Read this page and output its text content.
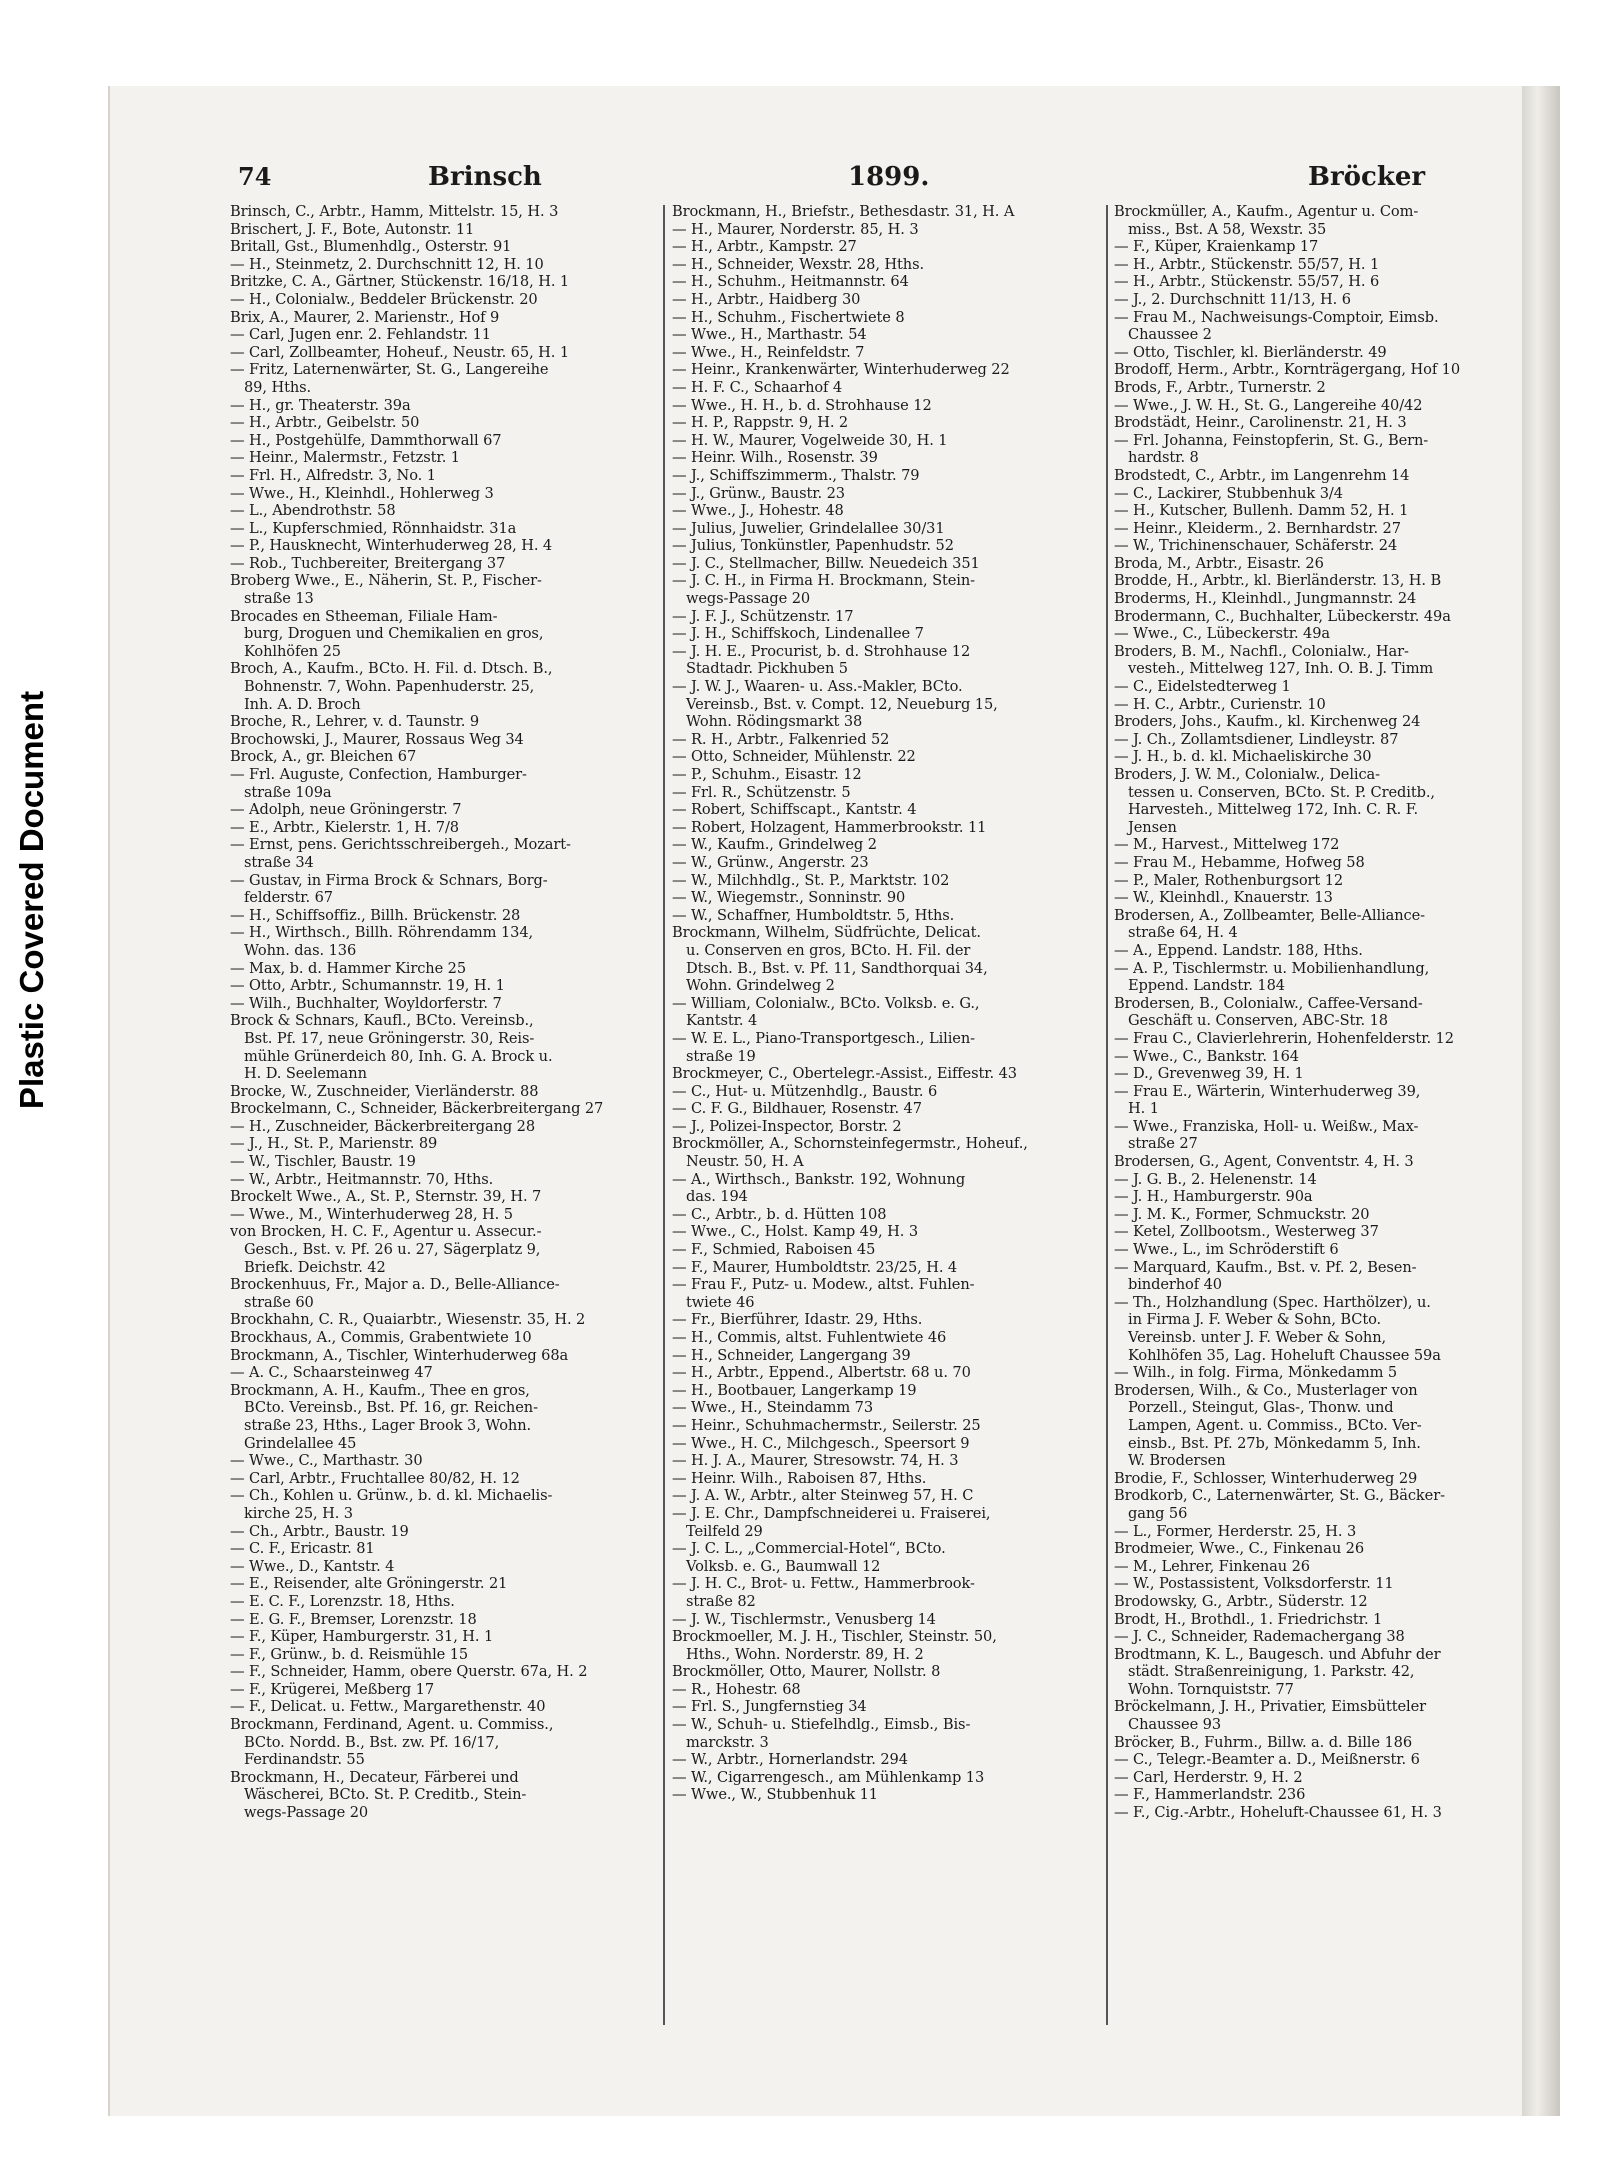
Plastic Covered Document
74	Brinsch	1899.	Bröcker
Brinsch, C., Arbtr., Hamm, Mittelstr. 15, H. 3
Brischert, J. F., Bote, Autonstr. 11
Britall, Gst., Blumenhdlg., Osterstr. 91
— H., Steinmetz, 2. Durchschnitt 12, H. 10
Britzke, C. A., Gärtner, Stückenstr. 16/18, H. 1
— H., Colonialw., Beddeler Brückenstr. 20
Brix, A., Maurer, 2. Marienstr., Hof 9
— Carl, Jugen enr. 2. Fehlandstr. 11
— Carl, Zollbeamter, Hoheuf., Neustr. 65, H. 1
— Fritz, Laternenwärter, St. G., Langereihe
89, Hths.
— H., gr. Theaterstr. 39a
— H., Arbtr., Geibelstr. 50
— H., Postgehülfe, Dammthorwall 67
— Heinr., Malermstr., Fetzstr. 1
— Frl. H., Alfredstr. 3, No. 1
— Wwe., H., Kleinhdl., Hohlerweg 3
— L., Abendrothstr. 58
— L., Kupferschmied, Rönnhaidstr. 31a
— P., Hausknecht, Winterhuderweg 28, H. 4
— Rob., Tuchbereiter, Breitergang 37
Broberg Wwe., E., Näherin, St. P., Fischer-
straße 13
Brocades en Stheeman, Filiale Ham-
burg, Droguen und Chemikalien en gros,
Kohlhöfen 25
Broch, A., Kaufm., BCto. H. Fil. d. Dtsch. B.,
Bohnenstr. 7, Wohn. Papenhuderstr. 25,
Inh. A. D. Broch
Broche, R., Lehrer, v. d. Taunstr. 9
Brochowski, J., Maurer, Rossaus Weg 34
Brock, A., gr. Bleichen 67
— Frl. Auguste, Confection, Hamburger-
straße 109a
— Adolph, neue Gröningerstr. 7
— E., Arbtr., Kielerstr. 1, H. 7/8
— Ernst, pens. Gerichtsschreibergeh., Mozart-
straße 34
— Gustav, in Firma Brock & Schnars, Borg-
felderstr. 67
— H., Schiffsoffiz., Billh. Brückenstr. 28
— H., Wirthsch., Billh. Röhrendamm 134,
Wohn. das. 136
— Max, b. d. Hammer Kirche 25
— Otto, Arbtr., Schumannstr. 19, H. 1
— Wilh., Buchhalter, Woyldorferstr. 7
Brock & Schnars, Kaufl., BCto. Vereinsb.,
Bst. Pf. 17, neue Gröningerstr. 30, Reis-
mühle Grünerdeich 80, Inh. G. A. Brock u.
H. D. Seelemann
Brocke, W., Zuschneider, Vierländerstr. 88
Brockelmann, C., Schneider, Bäckerbreitergang 27
— H., Zuschneider, Bäckerbreitergang 28
— J., H., St. P., Marienstr. 89
— W., Tischler, Baustr. 19
— W., Arbtr., Heitmannstr. 70, Hths.
Brockelt Wwe., A., St. P., Sternstr. 39, H. 7
— Wwe., M., Winterhuderweg 28, H. 5
von Brocken, H. C. F., Agentur u. Assecur.-
Gesch., Bst. v. Pf. 26 u. 27, Sägerplatz 9,
Briefk. Deichstr. 42
Brockenhuus, Fr., Major a. D., Belle-Alliance-
straße 60
Brockhahn, C. R., Quaiarbtr., Wiesenstr. 35, H. 2
Brockhaus, A., Commis, Grabentwiete 10
Brockmann, A., Tischler, Winterhuderweg 68a
— A. C., Schaarsteinweg 47
Brockmann, A. H., Kaufm., Thee en gros,
BCto. Vereinsb., Bst. Pf. 16, gr. Reichen-
straße 23, Hths., Lager Brook 3, Wohn.
Grindelallee 45
— Wwe., C., Marthastr. 30
— Carl, Arbtr., Fruchtallee 80/82, H. 12
— Ch., Kohlen u. Grünw., b. d. kl. Michaelis-
kirche 25, H. 3
— Ch., Arbtr., Baustr. 19
— C. F., Ericastr. 81
— Wwe., D., Kantstr. 4
— E., Reisender, alte Gröningerstr. 21
— E. C. F., Lorenzstr. 18, Hths.
— E. G. F., Bremser, Lorenzstr. 18
— F., Küper, Hamburgerstr. 31, H. 1
— F., Grünw., b. d. Reismühle 15
— F., Schneider, Hamm, obere Querstr. 67a, H. 2
— F., Krügerei, Meßberg 17
— F., Delicat. u. Fettw., Margarethenstr. 40
Brockmann, Ferdinand, Agent. u. Commiss.,
BCto. Nordd. B., Bst. zw. Pf. 16/17,
Ferdinandstr. 55
Brockmann, H., Decateur, Färberei und
Wäscherei, BCto. St. P. Creditb., Stein-
wegs-Passage 20
Brockmann, H., Briefstr., Bethesdastr. 31, H. A
— H., Maurer, Norderstr. 85, H. 3
— H., Arbtr., Kampstr. 27
— H., Schneider, Wexstr. 28, Hths.
— H., Schuhm., Heitmannstr. 64
— H., Arbtr., Haidberg 30
— H., Schuhm., Fischertwiete 8
— Wwe., H., Marthastr. 54
— Wwe., H., Reinfeldstr. 7
— Heinr., Krankenwärter, Winterhuderweg 22
— H. F. C., Schaarhof 4
— Wwe., H. H., b. d. Strohhause 12
— H. P., Rappstr. 9, H. 2
— H. W., Maurer, Vogelweide 30, H. 1
— Heinr. Wilh., Rosenstr. 39
— J., Schiffszimmerm., Thalstr. 79
— J., Grünw., Baustr. 23
— Wwe., J., Hohestr. 48
— Julius, Juwelier, Grindelallee 30/31
— Julius, Tonkünstler, Papenhudstr. 52
— J. C., Stellmacher, Billw. Neuedeich 351
— J. C. H., in Firma H. Brockmann, Stein-
wegs-Passage 20
— J. F. J., Schützenstr. 17
— J. H., Schiffskoch, Lindenallee 7
— J. H. E., Procurist, b. d. Strohhause 12
Stadtadr. Pickhuben 5
— J. W. J., Waaren- u. Ass.-Makler, BCto.
Vereinsb., Bst. v. Compt. 12, Neueburg 15,
Wohn. Rödingsmarkt 38
— R. H., Arbtr., Falkenried 52
— Otto, Schneider, Mühlenstr. 22
— P., Schuhm., Eisastr. 12
— Frl. R., Schützenstr. 5
— Robert, Schiffscapt., Kantstr. 4
— Robert, Holzagent, Hammerbrookstr. 11
— W., Kaufm., Grindelweg 2
— W., Grünw., Angerstr. 23
— W., Milchhdlg., St. P., Marktstr. 102
— W., Wiegemstr., Sonninstr. 90
— W., Schaffner, Humboldtstr. 5, Hths.
Brockmann, Wilhelm, Südfrüchte, Delicat.
u. Conserven en gros, BCto. H. Fil. der
Dtsch. B., Bst. v. Pf. 11, Sandthorquai 34,
Wohn. Grindelweg 2
— William, Colonialw., BCto. Volksb. e. G.,
Kantstr. 4
— W. E. L., Piano-Transportgesch., Lilien-
straße 19
Brockmeyer, C., Obertelegr.-Assist., Eiffestr. 43
— C., Hut- u. Mützenhdlg., Baustr. 6
— C. F. G., Bildhauer, Rosenstr. 47
— J., Polizei-Inspector, Borstr. 2
Brockmöller, A., Schornsteinfegermstr., Hoheuf.,
Neustr. 50, H. A
— A., Wirthsch., Bankstr. 192, Wohnung
das. 194
— C., Arbtr., b. d. Hütten 108
— Wwe., C., Holst. Kamp 49, H. 3
— F., Schmied, Raboisen 45
— F., Maurer, Humboldtstr. 23/25, H. 4
— Frau F., Putz- u. Modew., altst. Fuhlen-
twiete 46
— Fr., Bierführer, Idastr. 29, Hths.
— H., Commis, altst. Fuhlentwiete 46
— H., Schneider, Langergang 39
— H., Arbtr., Eppend., Albertstr. 68 u. 70
— H., Bootbauer, Langerkamp 19
— Wwe., H., Steindamm 73
— Heinr., Schuhmachermstr., Seilerstr. 25
— Wwe., H. C., Milchgesch., Speersort 9
— H. J. A., Maurer, Stresowstr. 74, H. 3
— Heinr. Wilh., Raboisen 87, Hths.
— J. A. W., Arbtr., alter Steinweg 57, H. C
— J. E. Chr., Dampfschneiderei u. Fraiserei,
Teilfeld 29
— J. C. L., „Commercial-Hotel“, BCto.
Volksb. e. G., Baumwall 12
— J. H. C., Brot- u. Fettw., Hammerbrook-
straße 82
— J. W., Tischlermstr., Venusberg 14
Brockmoeller, M. J. H., Tischler, Steinstr. 50,
Hths., Wohn. Norderstr. 89, H. 2
Brockmöller, Otto, Maurer, Nollstr. 8
— R., Hohestr. 68
— Frl. S., Jungfernstieg 34
— W., Schuh- u. Stiefelhdlg., Eimsb., Bis-
marckstr. 3
— W., Arbtr., Hornerlandstr. 294
— W., Cigarrengesch., am Mühlenkamp 13
— Wwe., W., Stubbenhuk 11
Brockmüller, A., Kaufm., Agentur u. Com-
miss., Bst. A 58, Wexstr. 35
— F., Küper, Kraienkamp 17
— H., Arbtr., Stückenstr. 55/57, H. 1
— H., Arbtr., Stückenstr. 55/57, H. 6
— J., 2. Durchschnitt 11/13, H. 6
— Frau M., Nachweisungs-Comptoir, Eimsb.
Chaussee 2
— Otto, Tischler, kl. Bierländerstr. 49
Brodoff, Herm., Arbtr., Kornträgergang, Hof 10
Brods, F., Arbtr., Turnerstr. 2
— Wwe., J. W. H., St. G., Langereihe 40/42
Brodstädt, Heinr., Carolinenstr. 21, H. 3
— Frl. Johanna, Feinstopferin, St. G., Bern-
hardstr. 8
Brodstedt, C., Arbtr., im Langenrehm 14
— C., Lackirer, Stubbenhuk 3/4
— H., Kutscher, Bullenh. Damm 52, H. 1
— Heinr., Kleiderm., 2. Bernhardstr. 27
— W., Trichinenschauer, Schäferstr. 24
Broda, M., Arbtr., Eisastr. 26
Brodde, H., Arbtr., kl. Bierländerstr. 13, H. B
Broderms, H., Kleinhdl., Jungmannstr. 24
Brodermann, C., Buchhalter, Lübeckerstr. 49a
— Wwe., C., Lübeckerstr. 49a
Broders, B. M., Nachfl., Colonialw., Har-
vesteh., Mittelweg 127, Inh. O. B. J. Timm
— C., Eidelstedterweg 1
— H. C., Arbtr., Curienstr. 10
Broders, Johs., Kaufm., kl. Kirchenweg 24
— J. Ch., Zollamtsdiener, Lindleystr. 87
— J. H., b. d. kl. Michaeliskirche 30
Broders, J. W. M., Colonialw., Delica-
tessen u. Conserven, BCto. St. P. Creditb.,
Harvesteh., Mittelweg 172, Inh. C. R. F.
Jensen
— M., Harvest., Mittelweg 172
— Frau M., Hebamme, Hofweg 58
— P., Maler, Rothenburgsort 12
— W., Kleinhdl., Knauerstr. 13
Brodersen, A., Zollbeamter, Belle-Alliance-
straße 64, H. 4
— A., Eppend. Landstr. 188, Hths.
— A. P., Tischlermstr. u. Mobilienhandlung,
Eppend. Landstr. 184
Brodersen, B., Colonialw., Caffee-Versand-
Geschäft u. Conserven, ABC-Str. 18
— Frau C., Clavierlehrerin, Hohenfelderstr. 12
— Wwe., C., Bankstr. 164
— D., Grevenweg 39, H. 1
— Frau E., Wärterin, Winterhuderweg 39,
H. 1
— Wwe., Franziska, Holl- u. Weißw., Max-
straße 27
Brodersen, G., Agent, Conventstr. 4, H. 3
— J. G. B., 2. Helenenstr. 14
— J. H., Hamburgerstr. 90a
— J. M. K., Former, Schmuckstr. 20
— Ketel, Zollbootsm., Westerweg 37
— Wwe., L., im Schröderstift 6
— Marquard, Kaufm., Bst. v. Pf. 2, Besen-
binderhof 40
— Th., Holzhandlung (Spec. Harthölzer), u.
in Firma J. F. Weber & Sohn, BCto.
Vereinsb. unter J. F. Weber & Sohn,
Kohlhöfen 35, Lag. Hoheluft Chaussee 59a
— Wilh., in folg. Firma, Mönkedamm 5
Brodersen, Wilh., & Co., Musterlager von
Porzell., Steingut, Glas-, Thonw. und
Lampen, Agent. u. Commiss., BCto. Ver-
einsb., Bst. Pf. 27b, Mönkedamm 5, Inh.
W. Brodersen
Brodie, F., Schlosser, Winterhuderweg 29
Brodkorb, C., Laternenwärter, St. G., Bäcker-
gang 56
— L., Former, Herderstr. 25, H. 3
Brodmeier, Wwe., C., Finkenau 26
— M., Lehrer, Finkenau 26
— W., Postassistent, Volksdorferstr. 11
Brodowsky, G., Arbtr., Süderstr. 12
Brodt, H., Brothdl., 1. Friedrichstr. 1
— J. C., Schneider, Rademachergang 38
Brodtmann, K. L., Baugesch. und Abfuhr der
städt. Straßenreinigung, 1. Parkstr. 42,
Wohn. Tornquiststr. 77
Bröckelmann, J. H., Privatier, Eimsbütteler
Chaussee 93
Bröcker, B., Fuhrm., Billw. a. d. Bille 186
— C., Telegr.-Beamter a. D., Meißnerstr. 6
— Carl, Herderstr. 9, H. 2
— F., Hammerlandstr. 236
— F., Cig.-Arbtr., Hoheluft-Chaussee 61, H. 3
